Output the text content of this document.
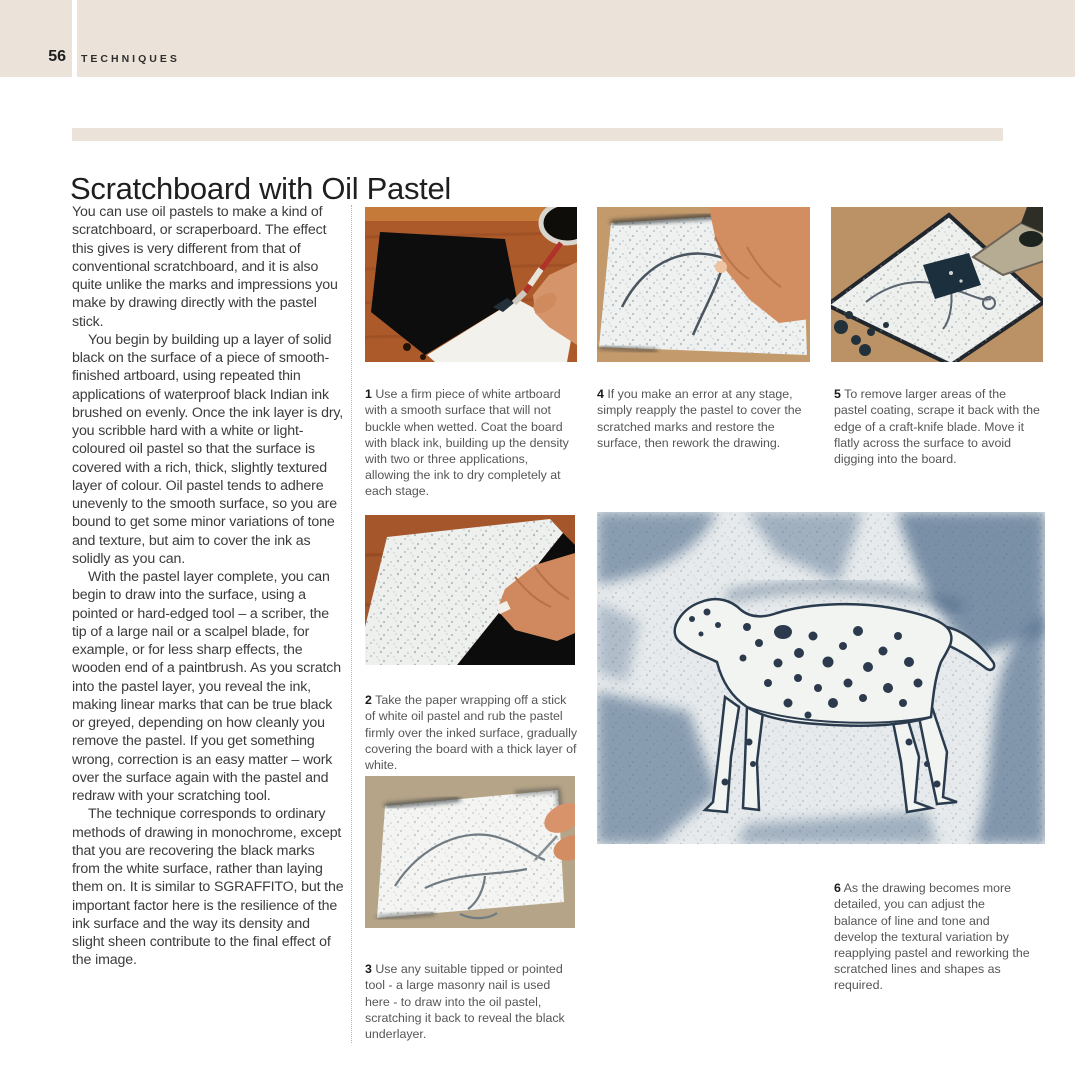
56 TECHNIQUES
Scratchboard with Oil Pastel

You can use oil pastels to make a kind of scratchboard, or scraperboard. The effect this gives is very different from that of conventional scratchboard, and it is also quite unlike the marks and impressions you make by drawing directly with the pastel stick.

You begin by building up a layer of solid black on the surface of a piece of smooth-finished artboard, using repeated thin applications of waterproof black Indian ink brushed on evenly. Once the ink layer is dry, you scribble hard with a white or light-coloured oil pastel so that the surface is covered with a rich, thick, slightly textured layer of colour. Oil pastel tends to adhere unevenly to the smooth surface, so you are bound to get some minor variations of tone and texture, but aim to cover the ink as solidly as you can.

With the pastel layer complete, you can begin to draw into the surface, using a pointed or hard-edged tool – a scriber, the tip of a large nail or a scalpel blade, for example, or for less sharp effects, the wooden end of a paintbrush. As you scratch into the pastel layer, you reveal the ink, making linear marks that can be true black or greyed, depending on how cleanly you remove the pastel. If you get something wrong, correction is an easy matter – work over the surface again with the pastel and redraw with your scratching tool.

The technique corresponds to ordinary methods of drawing in monochrome, except that you are recovering the black marks from the white surface, rather than laying them on. It is similar to SGRAFFITO, but the important factor here is the resilience of the ink surface and the way its density and slight sheen contribute to the final effect of the image.

1 Use a firm piece of white artboard with a smooth surface that will not buckle when wetted. Coat the board with black ink, building up the density with two or three applications, allowing the ink to dry completely at each stage.

2 Take the paper wrapping off a stick of white oil pastel and rub the pastel firmly over the inked surface, gradually covering the board with a thick layer of white.

3 Use any suitable tipped or pointed tool - a large masonry nail is used here - to draw into the oil pastel, scratching it back to reveal the black underlayer.

4 If you make an error at any stage, simply reapply the pastel to cover the scratched marks and restore the surface, then rework the drawing.

5 To remove larger areas of the pastel coating, scrape it back with the edge of a craft-knife blade. Move it flatly across the surface to avoid digging into the board.

6 As the drawing becomes more detailed, you can adjust the balance of line and tone and develop the textural variation by reapplying pastel and reworking the scratched lines and shapes as required.
